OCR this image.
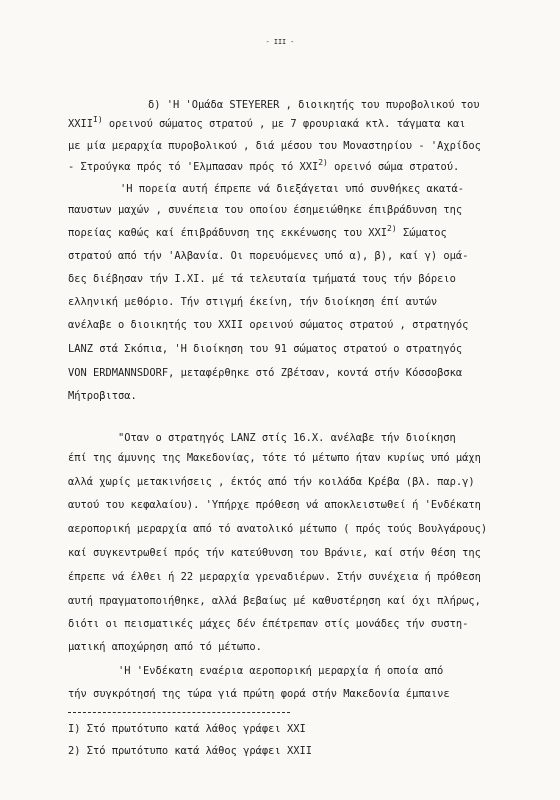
- III -
δ) 'Η 'Ομάδα STEYERER , διοικητής του πυροβολικού του
$XXII^{I)}$ ορεινού σώματος στρατού , με 7 φρουριακά κτλ. τάγματα και
με μία μεραρχία πυροβολικού , διά μέσου του Μοναστηρίου - 'Αχρίδος
- Στρούγκα πρός τό 'Ελμπασαν πρός τό XXI$^{2)}$ ορεινό σώμα στρατού.
'Η πορεία αυτή έπρεπε νά διεξάγεται υπό συνθήκες ακατά-
παυστων μαχών , συνέπεια του οποίου έσημειώθηκε έπιβράδυνση της
πορείας καθώς καί έπιβράδυνση της εκκένωσης του XXI$^{2)}$ Σώματος
στρατού από τήν 'Αλβανία. Οι πορευόμενες υπό α), β), καί γ) ομά-
δες διέβησαν τήν Ι.ΧΙ. μέ τά τελευταία τμήματά τους τήν βόρειο
ελληνική μεθόριο. Τήν στιγμή έκείνη, τήν διοίκηση έπί αυτών
ανέλαβε ο διοικητής του XXII ορεινού σώματος στρατού , στρατηγός
LANZ στά Σκόπια, 'Η διοίκηση του 91 σώματος στρατού ο στρατηγός
VON ERDMANNSDORF, μεταφέρθηκε στό Ζβέτσαν, κοντά στήν Κόσσοβσκα
Μήτροβιτσα.
"Οταν ο στρατηγός LANZ στίς 16.Χ. ανέλαβε τήν διοίκηση
έπί της άμυνης της Μακεδονίας, τότε τό μέτωπο ήταν κυρίως υπό μάχη
αλλά χωρίς μετακινήσεις , έκτός από τήν κοιλάδα Κρέβα (βλ. παρ.γ)
αυτού του κεφαλαίου). 'Υπήρχε πρόθεση νά αποκλειστωθεί ή 'Ενδέκατη
αεροπορική μεραρχία από τό ανατολικό μέτωπο ( πρός τούς Βουλγάρους)
καί συγκεντρωθεί πρός τήν κατεύθυνση του Βράνιε, καί στήν θέση της
έπρεπε νά έλθει ή 22 μεραρχία γρεναδιέρων. Στήν συνέχεια ή πρόθεση
αυτή πραγματοποιήθηκε, αλλά βεβαίως μέ καθυστέρηση καί όχι πλήρως,
διότι οι πεισματικές μάχες δέν έπέτρεπαν στίς μονάδες τήν συστη-
ματική αποχώρηση από τό μέτωπο.
'Η 'Ενδέκατη εναέρια αεροπορική μεραρχία ή οποία από
τήν συγκρότησή της τώρα γιά πρώτη φορά στήν Μακεδονία έμπαινε
I) Στό πρωτότυπο κατά λάθος γράφει XXI
2) Στό πρωτότυπο κατά λάθος γράφει XXII
